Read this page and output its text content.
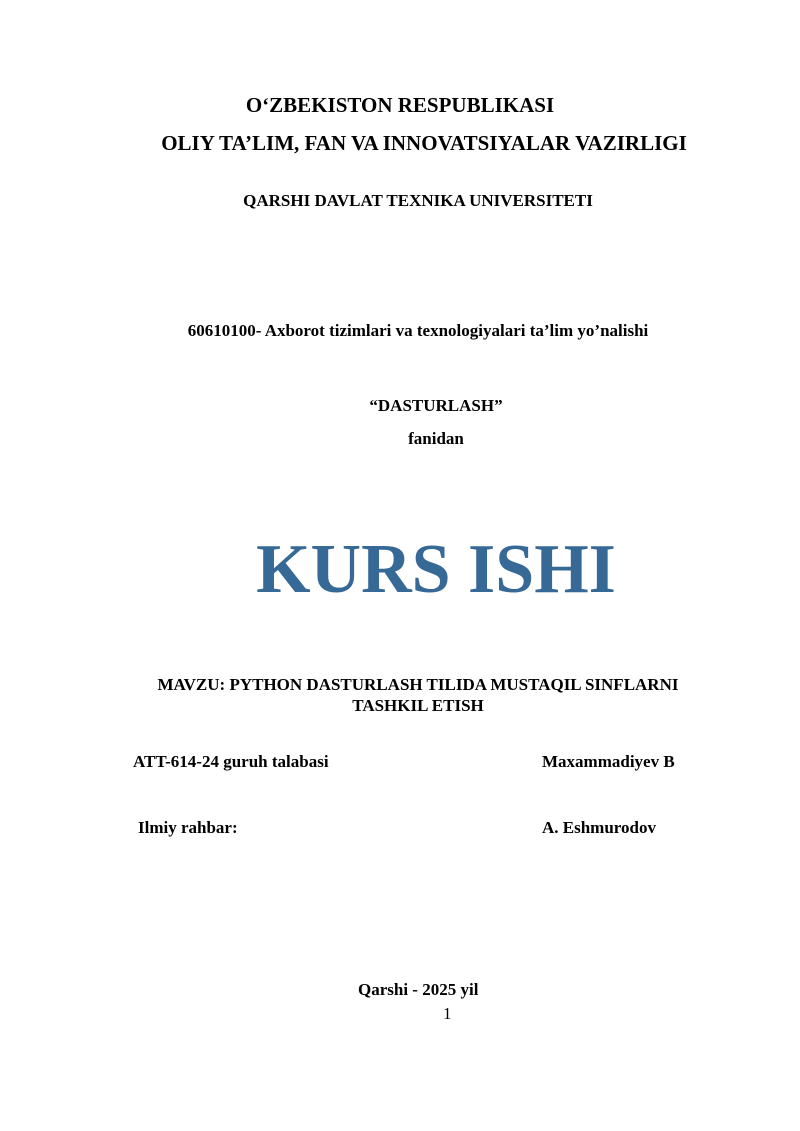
O‘ZBEKISTON RESPUBLIKASI
OLIY TA’LIM, FAN VA INNOVATSIYALAR VAZIRLIGI
QARSHI DAVLAT TEXNIKA UNIVERSITETI
60610100- Axborot tizimlari va texnologiyalari ta’lim yo’nalishi
“DASTURLASH”
fanidan
KURS ISHI
MAVZU: PYTHON DASTURLASH TILIDA MUSTAQIL SINFLARNI
TASHKIL ETISH
ATT-614-24 guruh talabasi	Maxammadiyev B
Ilmiy rahbar:	A. Eshmurodov
Qarshi - 2025 yil
1
